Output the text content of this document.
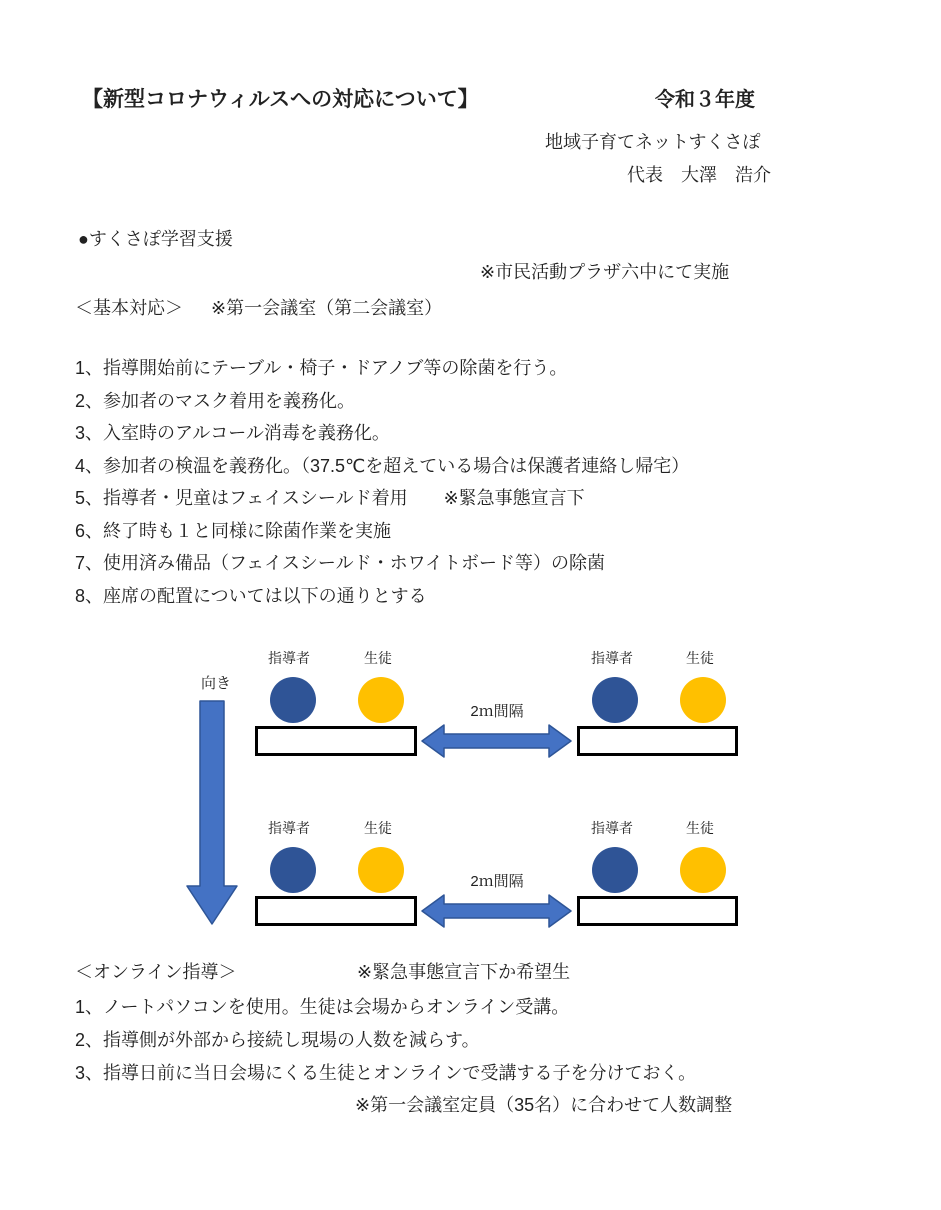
【新型コロナウィルスへの対応について】	令和３年度
地域子育てネットすくさぽ
代表　大澤　浩介
●すくさぽ学習支援
※市民活動プラザ六中にて実施
＜基本対応＞ ※第一会議室（第二会議室）
1、指導開始前にテーブル・椅子・ドアノブ等の除菌を行う。
2、参加者のマスク着用を義務化。
3、入室時のアルコール消毒を義務化。
4、参加者の検温を義務化。（37.5℃を超えている場合は保護者連絡し帰宅）
5、指導者・児童はフェイスシールド着用　　※緊急事態宣言下
6、終了時も１と同様に除菌作業を実施
7、使用済み備品（フェイスシールド・ホワイトボード等）の除菌
8、座席の配置については以下の通りとする
向き
指導者	生徒
2ｍ間隔
指導者	生徒
指導者	生徒
2ｍ間隔
指導者	生徒
＜オンライン指導＞	※緊急事態宣言下か希望生
1、ノートパソコンを使用。生徒は会場からオンライン受講。
2、指導側が外部から接続し現場の人数を減らす。
3、指導日前に当日会場にくる生徒とオンラインで受講する子を分けておく。
※第一会議室定員（35名）に合わせて人数調整
